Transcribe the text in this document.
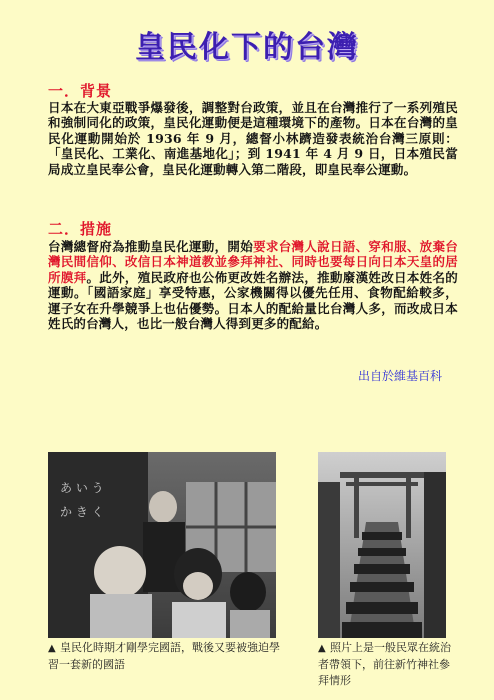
皇民化下的台灣
一．背景
日本在大東亞戰爭爆發後，調整對台政策，並且在台灣推行了一系列殖民和強制同化的政策，皇民化運動便是這種環境下的產物。日本在台灣的皇民化運動開始於 1936 年 9 月，總督小林躋造發表統治台灣三原則：「皇民化、工業化、南進基地化」；到 1941 年 4 月 9 日，日本殖民當局成立皇民奉公會，皇民化運動轉入第二階段，即皇民奉公運動。
二．措施
台灣總督府為推動皇民化運動，開始要求台灣人說日語、穿和服、放棄台灣民間信仰、改信日本神道教並參拜神社、同時也要每日向日本天皇的居所膜拜。此外，殖民政府也公佈更改姓名辦法，推動廢漢姓改日本姓名的運動。「國語家庭」享受特惠，公家機關得以優先任用、食物配給較多，運子女在升學競爭上也佔優勢。日本人的配給量比台灣人多，而改成日本姓氏的台灣人，也比一般台灣人得到更多的配給。
出自於維基百科
あ い う
か き く
▲ 皇民化時期才剛學完國語，戰後又要被強迫學習一套新的國語
▲ 照片上是一般民眾在統治者帶領下，前往新竹神社參拜情形
